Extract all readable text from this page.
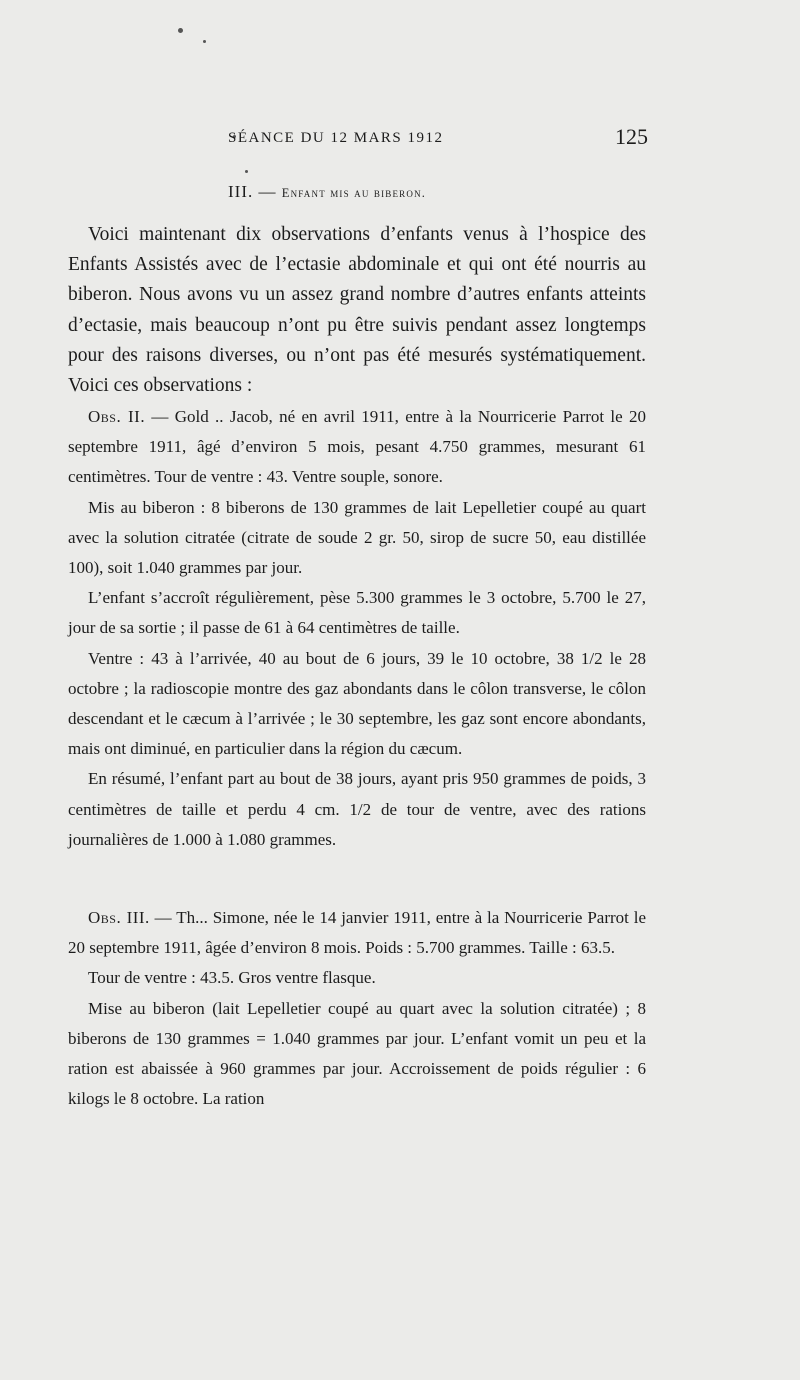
SÉANCE DU 12 MARS 1912	125
III. — Enfant mis au biberon.

Voici maintenant dix observations d’enfants venus à l’hospice des Enfants Assistés avec de l’ectasie abdominale et qui ont été nourris au biberon. Nous avons vu un assez grand nombre d’autres enfants atteints d’ectasie, mais beaucoup n’ont pu être suivis pendant assez longtemps pour des raisons diverses, ou n’ont pas été mesurés systématiquement. Voici ces observations :

Obs. II. — Gold .. Jacob, né en avril 1911, entre à la Nourricerie Parrot le 20 septembre 1911, âgé d’environ 5 mois, pesant 4.750 grammes, mesurant 61 centimètres. Tour de ventre : 43. Ventre souple, sonore.

Mis au biberon : 8 biberons de 130 grammes de lait Lepelletier coupé au quart avec la solution citratée (citrate de soude 2 gr. 50, sirop de sucre 50, eau distillée 100), soit 1.040 grammes par jour.

L’enfant s’accroît régulièrement, pèse 5.300 grammes le 3 octobre, 5.700 le 27, jour de sa sortie ; il passe de 61 à 64 centimètres de taille.

Ventre : 43 à l’arrivée, 40 au bout de 6 jours, 39 le 10 octobre, 38 1/2 le 28 octobre ; la radioscopie montre des gaz abondants dans le côlon transverse, le côlon descendant et le cæcum à l’arrivée ; le 30 septembre, les gaz sont encore abondants, mais ont diminué, en particulier dans la région du cæcum.

En résumé, l’enfant part au bout de 38 jours, ayant pris 950 grammes de poids, 3 centimètres de taille et perdu 4 cm. 1/2 de tour de ventre, avec des rations journalières de 1.000 à 1.080 grammes.

Obs. III. — Th... Simone, née le 14 janvier 1911, entre à la Nourricerie Parrot le 20 septembre 1911, âgée d’environ 8 mois. Poids : 5.700 grammes. Taille : 63.5.

Tour de ventre : 43.5. Gros ventre flasque.

Mise au biberon (lait Lepelletier coupé au quart avec la solution citratée) ; 8 biberons de 130 grammes = 1.040 grammes par jour. L’enfant vomit un peu et la ration est abaissée à 960 grammes par jour. Accroissement de poids régulier : 6 kilogs le 8 octobre. La ration
